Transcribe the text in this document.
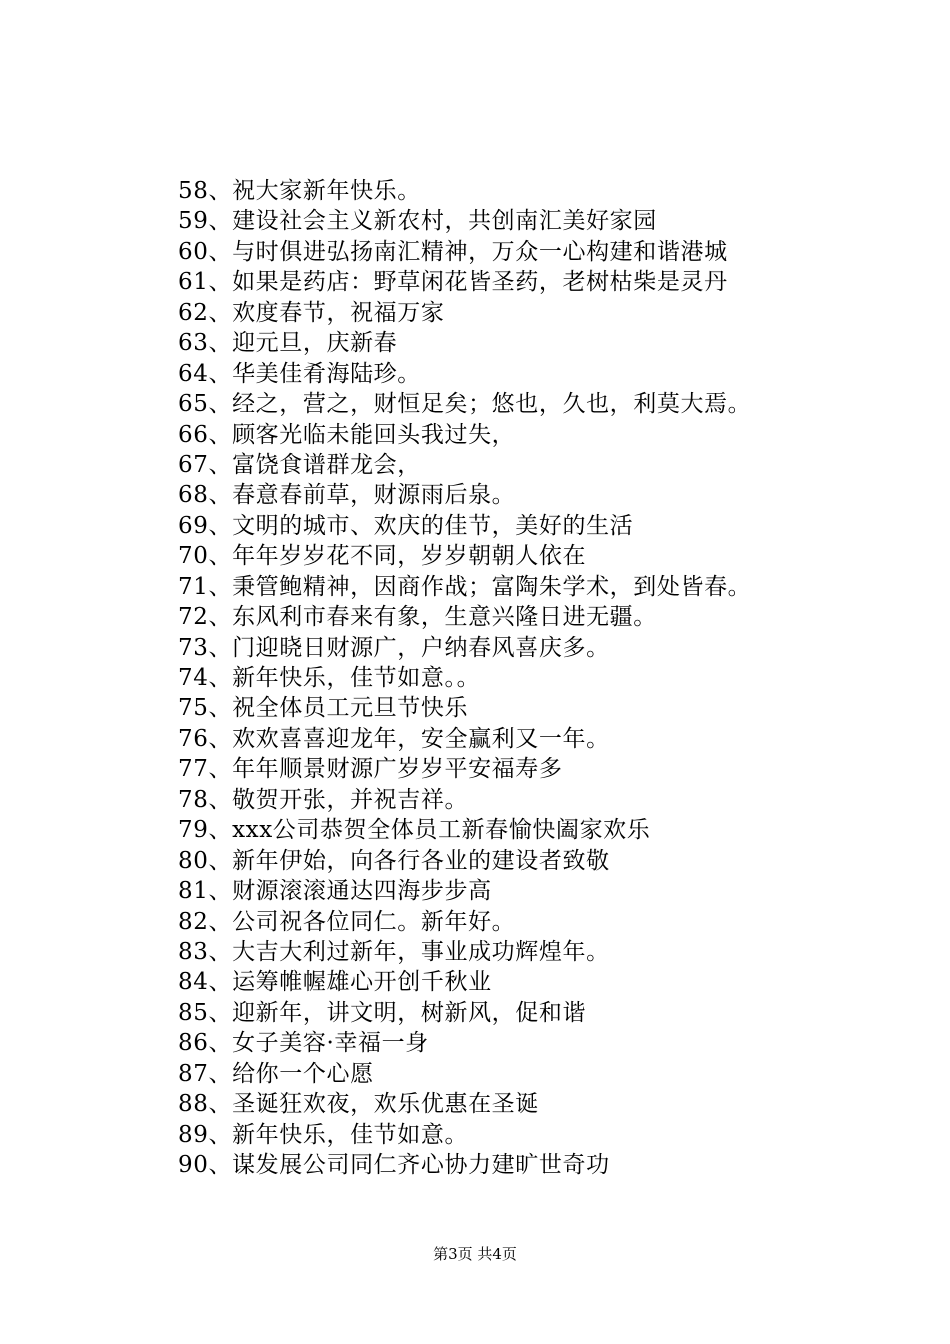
58、祝大家新年快乐。
59、建设社会主义新农村，共创南汇美好家园
60、与时俱进弘扬南汇精神，万众一心构建和谐港城
61、如果是药店：野草闲花皆圣药，老树枯柴是灵丹
62、欢度春节，祝福万家
63、迎元旦，庆新春
64、华美佳肴海陆珍。
65、经之，营之，财恒足矣；悠也，久也，利莫大焉。
66、顾客光临未能回头我过失，
67、富饶食谱群龙会，
68、春意春前草，财源雨后泉。
69、文明的城市、欢庆的佳节，美好的生活
70、年年岁岁花不同，岁岁朝朝人依在
71、秉管鲍精神，因商作战；富陶朱学术，到处皆春。
72、东风利市春来有象，生意兴隆日进无疆。
73、门迎晓日财源广，户纳春风喜庆多。
74、新年快乐，佳节如意。。
75、祝全体员工元旦节快乐
76、欢欢喜喜迎龙年，安全赢利又一年。
77、年年顺景财源广岁岁平安福寿多
78、敬贺开张，并祝吉祥。
79、xxx公司恭贺全体员工新春愉快阖家欢乐
80、新年伊始，向各行各业的建设者致敬
81、财源滚滚通达四海步步高
82、公司祝各位同仁。新年好。
83、大吉大利过新年，事业成功辉煌年。
84、运筹帷幄雄心开创千秋业
85、迎新年，讲文明，树新风，促和谐
86、女子美容·幸福一身
87、给你一个心愿
88、圣诞狂欢夜，欢乐优惠在圣诞
89、新年快乐，佳节如意。
90、谋发展公司同仁齐心协力建旷世奇功
第3页 共4页
